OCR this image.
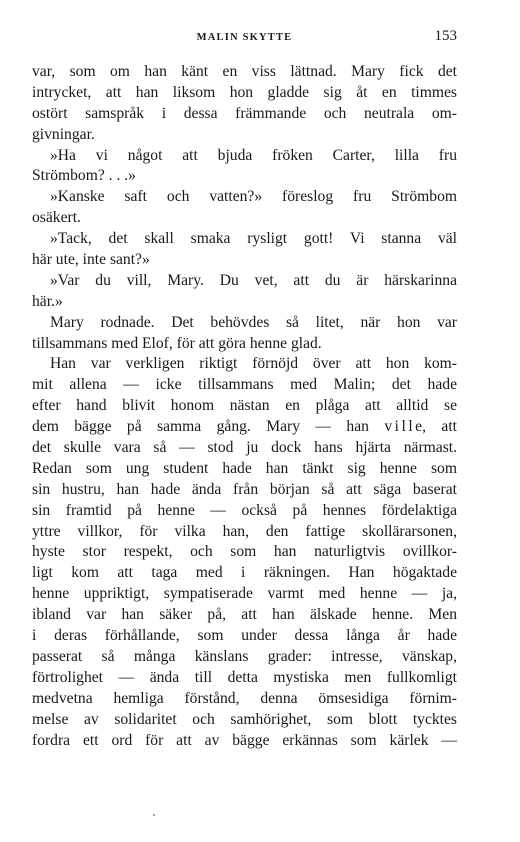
MALIN SKYTTE	153
var, som om han känt en viss lättnad. Mary fick det
intrycket, att han liksom hon gladde sig åt en timmes
ostört samspråk i dessa främmande och neutrala om-
givningar.
»Ha vi något att bjuda fröken Carter, lilla fru
Strömbom? . . .»
»Kanske saft och vatten?» föreslog fru Strömbom
osäkert.
»Tack, det skall smaka rysligt gott! Vi stanna väl
här ute, inte sant?»
»Var du vill, Mary. Du vet, att du är härskarinna
här.»
Mary rodnade. Det behövdes så litet, när hon var
tillsammans med Elof, för att göra henne glad.
Han var verkligen riktigt förnöjd över att hon kom-
mit allena — icke tillsammans med Malin; det hade
efter hand blivit honom nästan en plåga att alltid se
dem bägge på samma gång. Mary — han ville, att
det skulle vara så — stod ju dock hans hjärta närmast.
Redan som ung student hade han tänkt sig henne som
sin hustru, han hade ända från början så att säga baserat
sin framtid på henne — också på hennes fördelaktiga
yttre villkor, för vilka han, den fattige skollärarsonen,
hyste stor respekt, och som han naturligtvis ovillkor-
ligt kom att taga med i räkningen. Han högaktade
henne uppriktigt, sympatiserade varmt med henne — ja,
ibland var han säker på, att han älskade henne. Men
i deras förhållande, som under dessa långa år hade
passerat så många känslans grader: intresse, vänskap,
förtrolighet — ända till detta mystiska men fullkomligt
medvetna hemliga förstånd, denna ömsesidiga förnim-
melse av solidaritet och samhörighet, som blott tycktes
fordra ett ord för att av bägge erkännas som kärlek —
